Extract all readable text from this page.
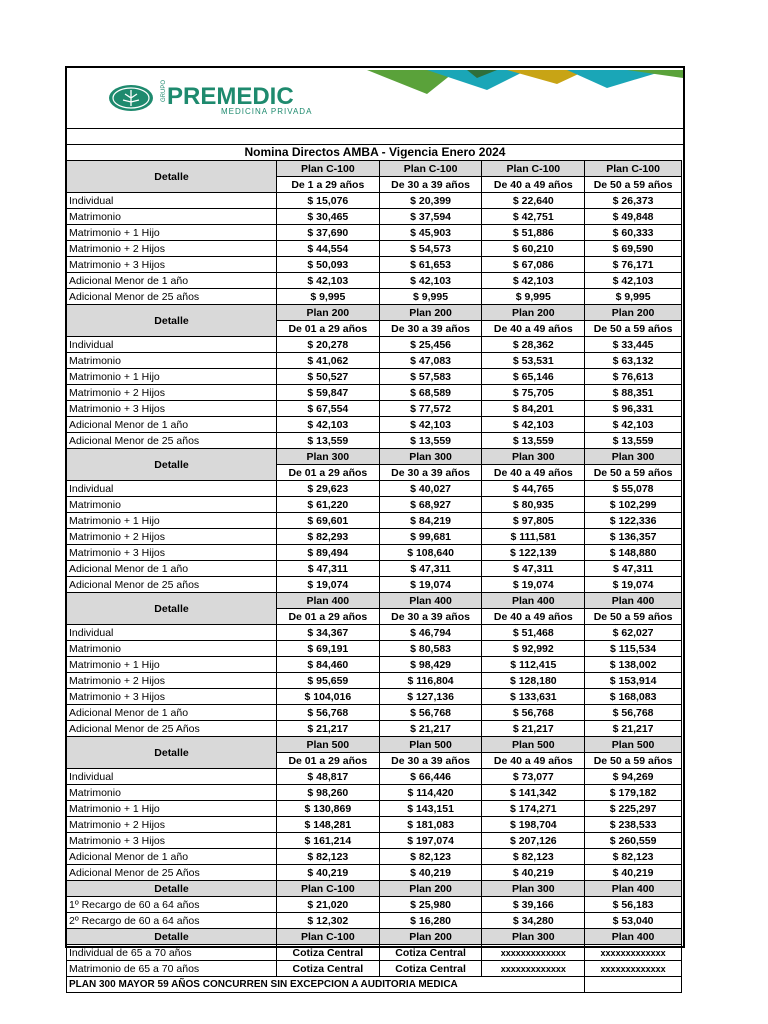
GRUPO PREMEDIC
MEDICINA PRIVADA
Nomina Directos AMBA - Vigencia Enero 2024
Detalle	Plan C-100	Plan C-100	Plan C-100	Plan C-100
	De 1 a 29 años	De 30 a 39 años	De 40 a 49 años	De 50 a 59 años
Individual	$ 15,076	$ 20,399	$ 22,640	$ 26,373
Matrimonio	$ 30,465	$ 37,594	$ 42,751	$ 49,848
Matrimonio + 1 Hijo	$ 37,690	$ 45,903	$ 51,886	$ 60,333
Matrimonio + 2 Hijos	$ 44,554	$ 54,573	$ 60,210	$ 69,590
Matrimonio + 3 Hijos	$ 50,093	$ 61,653	$ 67,086	$ 76,171
Adicional Menor de 1 año	$ 42,103	$ 42,103	$ 42,103	$ 42,103
Adicional Menor de 25 años	$ 9,995	$ 9,995	$ 9,995	$ 9,995
Detalle	Plan 200	Plan 200	Plan 200	Plan 200
	De 01 a 29 años	De 30 a 39 años	De 40 a 49 años	De 50 a 59 años
Individual	$ 20,278	$ 25,456	$ 28,362	$ 33,445
Matrimonio	$ 41,062	$ 47,083	$ 53,531	$ 63,132
Matrimonio + 1 Hijo	$ 50,527	$ 57,583	$ 65,146	$ 76,613
Matrimonio + 2 Hijos	$ 59,847	$ 68,589	$ 75,705	$ 88,351
Matrimonio + 3 Hijos	$ 67,554	$ 77,572	$ 84,201	$ 96,331
Adicional Menor de 1 año	$ 42,103	$ 42,103	$ 42,103	$ 42,103
Adicional Menor de 25 años	$ 13,559	$ 13,559	$ 13,559	$ 13,559
Detalle	Plan 300	Plan 300	Plan 300	Plan 300
	De 01 a 29 años	De 30 a 39 años	De 40 a 49 años	De 50 a 59 años
Individual	$ 29,623	$ 40,027	$ 44,765	$ 55,078
Matrimonio	$ 61,220	$ 68,927	$ 80,935	$ 102,299
Matrimonio + 1 Hijo	$ 69,601	$ 84,219	$ 97,805	$ 122,336
Matrimonio + 2 Hijos	$ 82,293	$ 99,681	$ 111,581	$ 136,357
Matrimonio + 3 Hijos	$ 89,494	$ 108,640	$ 122,139	$ 148,880
Adicional Menor de 1 año	$ 47,311	$ 47,311	$ 47,311	$ 47,311
Adicional Menor de 25 años	$ 19,074	$ 19,074	$ 19,074	$ 19,074
Detalle	Plan 400	Plan 400	Plan 400	Plan 400
	De 01 a 29 años	De 30 a 39 años	De 40 a 49 años	De 50 a 59 años
Individual	$ 34,367	$ 46,794	$ 51,468	$ 62,027
Matrimonio	$ 69,191	$ 80,583	$ 92,992	$ 115,534
Matrimonio + 1 Hijo	$ 84,460	$ 98,429	$ 112,415	$ 138,002
Matrimonio + 2 Hijos	$ 95,659	$ 116,804	$ 128,180	$ 153,914
Matrimonio + 3 Hijos	$ 104,016	$ 127,136	$ 133,631	$ 168,083
Adicional Menor de 1 año	$ 56,768	$ 56,768	$ 56,768	$ 56,768
Adicional Menor de 25 Años	$ 21,217	$ 21,217	$ 21,217	$ 21,217
Detalle	Plan 500	Plan 500	Plan 500	Plan 500
	De 01 a 29 años	De 30 a 39 años	De 40 a 49 años	De 50 a 59 años
Individual	$ 48,817	$ 66,446	$ 73,077	$ 94,269
Matrimonio	$ 98,260	$ 114,420	$ 141,342	$ 179,182
Matrimonio + 1 Hijo	$ 130,869	$ 143,151	$ 174,271	$ 225,297
Matrimonio + 2 Hijos	$ 148,281	$ 181,083	$ 198,704	$ 238,533
Matrimonio + 3 Hijos	$ 161,214	$ 197,074	$ 207,126	$ 260,559
Adicional Menor de 1 año	$ 82,123	$ 82,123	$ 82,123	$ 82,123
Adicional Menor de 25 Años	$ 40,219	$ 40,219	$ 40,219	$ 40,219
Detalle	Plan C-100	Plan 200	Plan 300	Plan 400
1º Recargo de 60 a 64 años	$ 21,020	$ 25,980	$ 39,166	$ 56,183
2º Recargo de 60 a 64 años	$ 12,302	$ 16,280	$ 34,280	$ 53,040
Detalle	Plan C-100	Plan 200	Plan 300	Plan 400
Individual de 65 a 70 años	Cotiza Central	Cotiza Central	xxxxxxxxxxxxx	xxxxxxxxxxxxx
Matrimonio de 65 a 70 años	Cotiza Central	Cotiza Central	xxxxxxxxxxxxx	xxxxxxxxxxxxx
PLAN 300 MAYOR 59 AÑOS CONCURREN SIN EXCEPCION A AUDITORIA MEDICA				
